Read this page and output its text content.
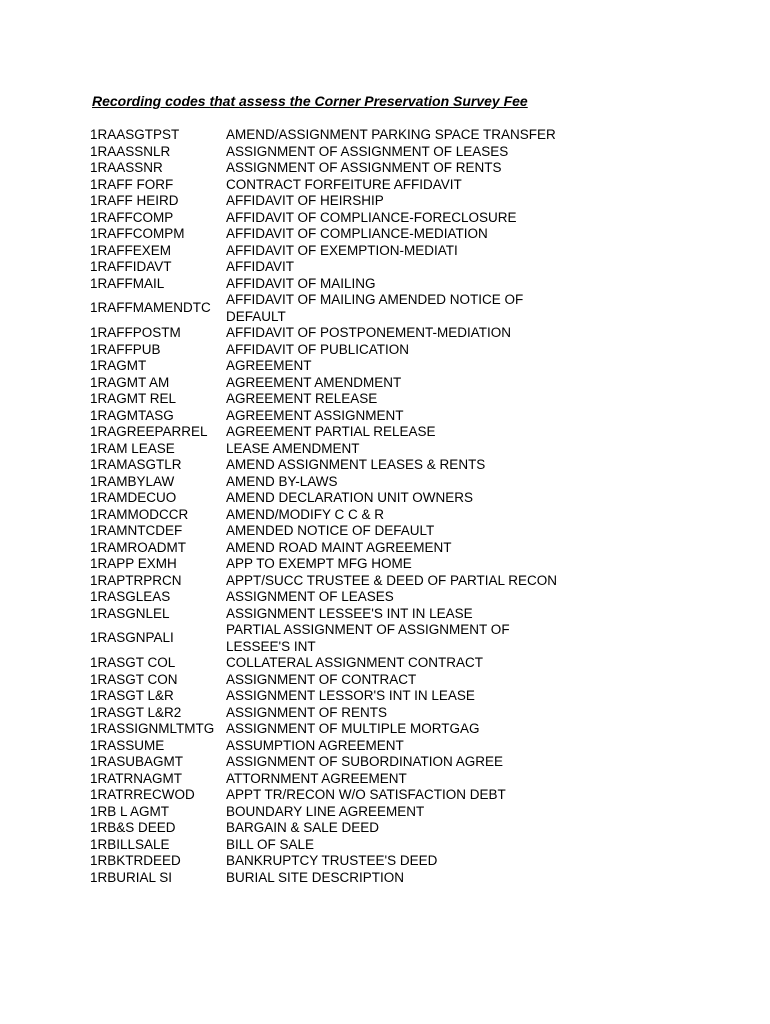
Recording codes that assess the Corner Preservation Survey Fee
1RAASGTPST	AMEND/ASSIGNMENT PARKING SPACE TRANSFER
1RAASSNLR	ASSIGNMENT OF ASSIGNMENT OF LEASES
1RAASSNR	ASSIGNMENT OF ASSIGNMENT OF RENTS
1RAFF FORF	CONTRACT FORFEITURE AFFIDAVIT
1RAFF HEIRD	AFFIDAVIT OF HEIRSHIP
1RAFFCOMP	AFFIDAVIT OF COMPLIANCE-FORECLOSURE
1RAFFCOMPM	AFFIDAVIT OF COMPLIANCE-MEDIATION
1RAFFEXEM	AFFIDAVIT OF EXEMPTION-MEDIATI
1RAFFIDAVT	AFFIDAVIT
1RAFFMAIL	AFFIDAVIT OF MAILING
1RAFFMAMENDTC	AFFIDAVIT OF MAILING AMENDED NOTICE OF DEFAULT
1RAFFPOSTM	AFFIDAVIT OF POSTPONEMENT-MEDIATION
1RAFFPUB	AFFIDAVIT OF PUBLICATION
1RAGMT	AGREEMENT
1RAGMT AM	AGREEMENT AMENDMENT
1RAGMT REL	AGREEMENT RELEASE
1RAGMTASG	AGREEMENT ASSIGNMENT
1RAGREEPARREL	AGREEMENT PARTIAL RELEASE
1RAM LEASE	LEASE AMENDMENT
1RAMASGTLR	AMEND ASSIGNMENT LEASES & RENTS
1RAMBYLAW	AMEND BY-LAWS
1RAMDECUO	AMEND DECLARATION UNIT OWNERS
1RAMMODCCR	AMEND/MODIFY C C & R
1RAMNTCDEF	AMENDED NOTICE OF DEFAULT
1RAMROADMT	AMEND ROAD MAINT AGREEMENT
1RAPP EXMH	APP TO EXEMPT MFG HOME
1RAPTRPRCN	APPT/SUCC TRUSTEE & DEED OF PARTIAL RECON
1RASGLEAS	ASSIGNMENT OF LEASES
1RASGNLEL	ASSIGNMENT LESSEE'S INT IN LEASE
1RASGNPALI	PARTIAL ASSIGNMENT OF ASSIGNMENT OF LESSEE'S INT
1RASGT COL	COLLATERAL ASSIGNMENT CONTRACT
1RASGT CON	ASSIGNMENT OF CONTRACT
1RASGT L&R	ASSIGNMENT LESSOR'S INT IN LEASE
1RASGT L&R2	ASSIGNMENT OF RENTS
1RASSIGNMLTMTG	ASSIGNMENT OF MULTIPLE MORTGAG
1RASSUME	ASSUMPTION AGREEMENT
1RASUBAGMT	ASSIGNMENT OF SUBORDINATION AGREE
1RATRNAGMT	ATTORNMENT AGREEMENT
1RATRRECWOD	APPT TR/RECON W/O SATISFACTION DEBT
1RB L AGMT	BOUNDARY LINE AGREEMENT
1RB&S DEED	BARGAIN & SALE DEED
1RBILLSALE	BILL OF SALE
1RBKTRDEED	BANKRUPTCY TRUSTEE'S DEED
1RBURIAL SI	BURIAL SITE DESCRIPTION
